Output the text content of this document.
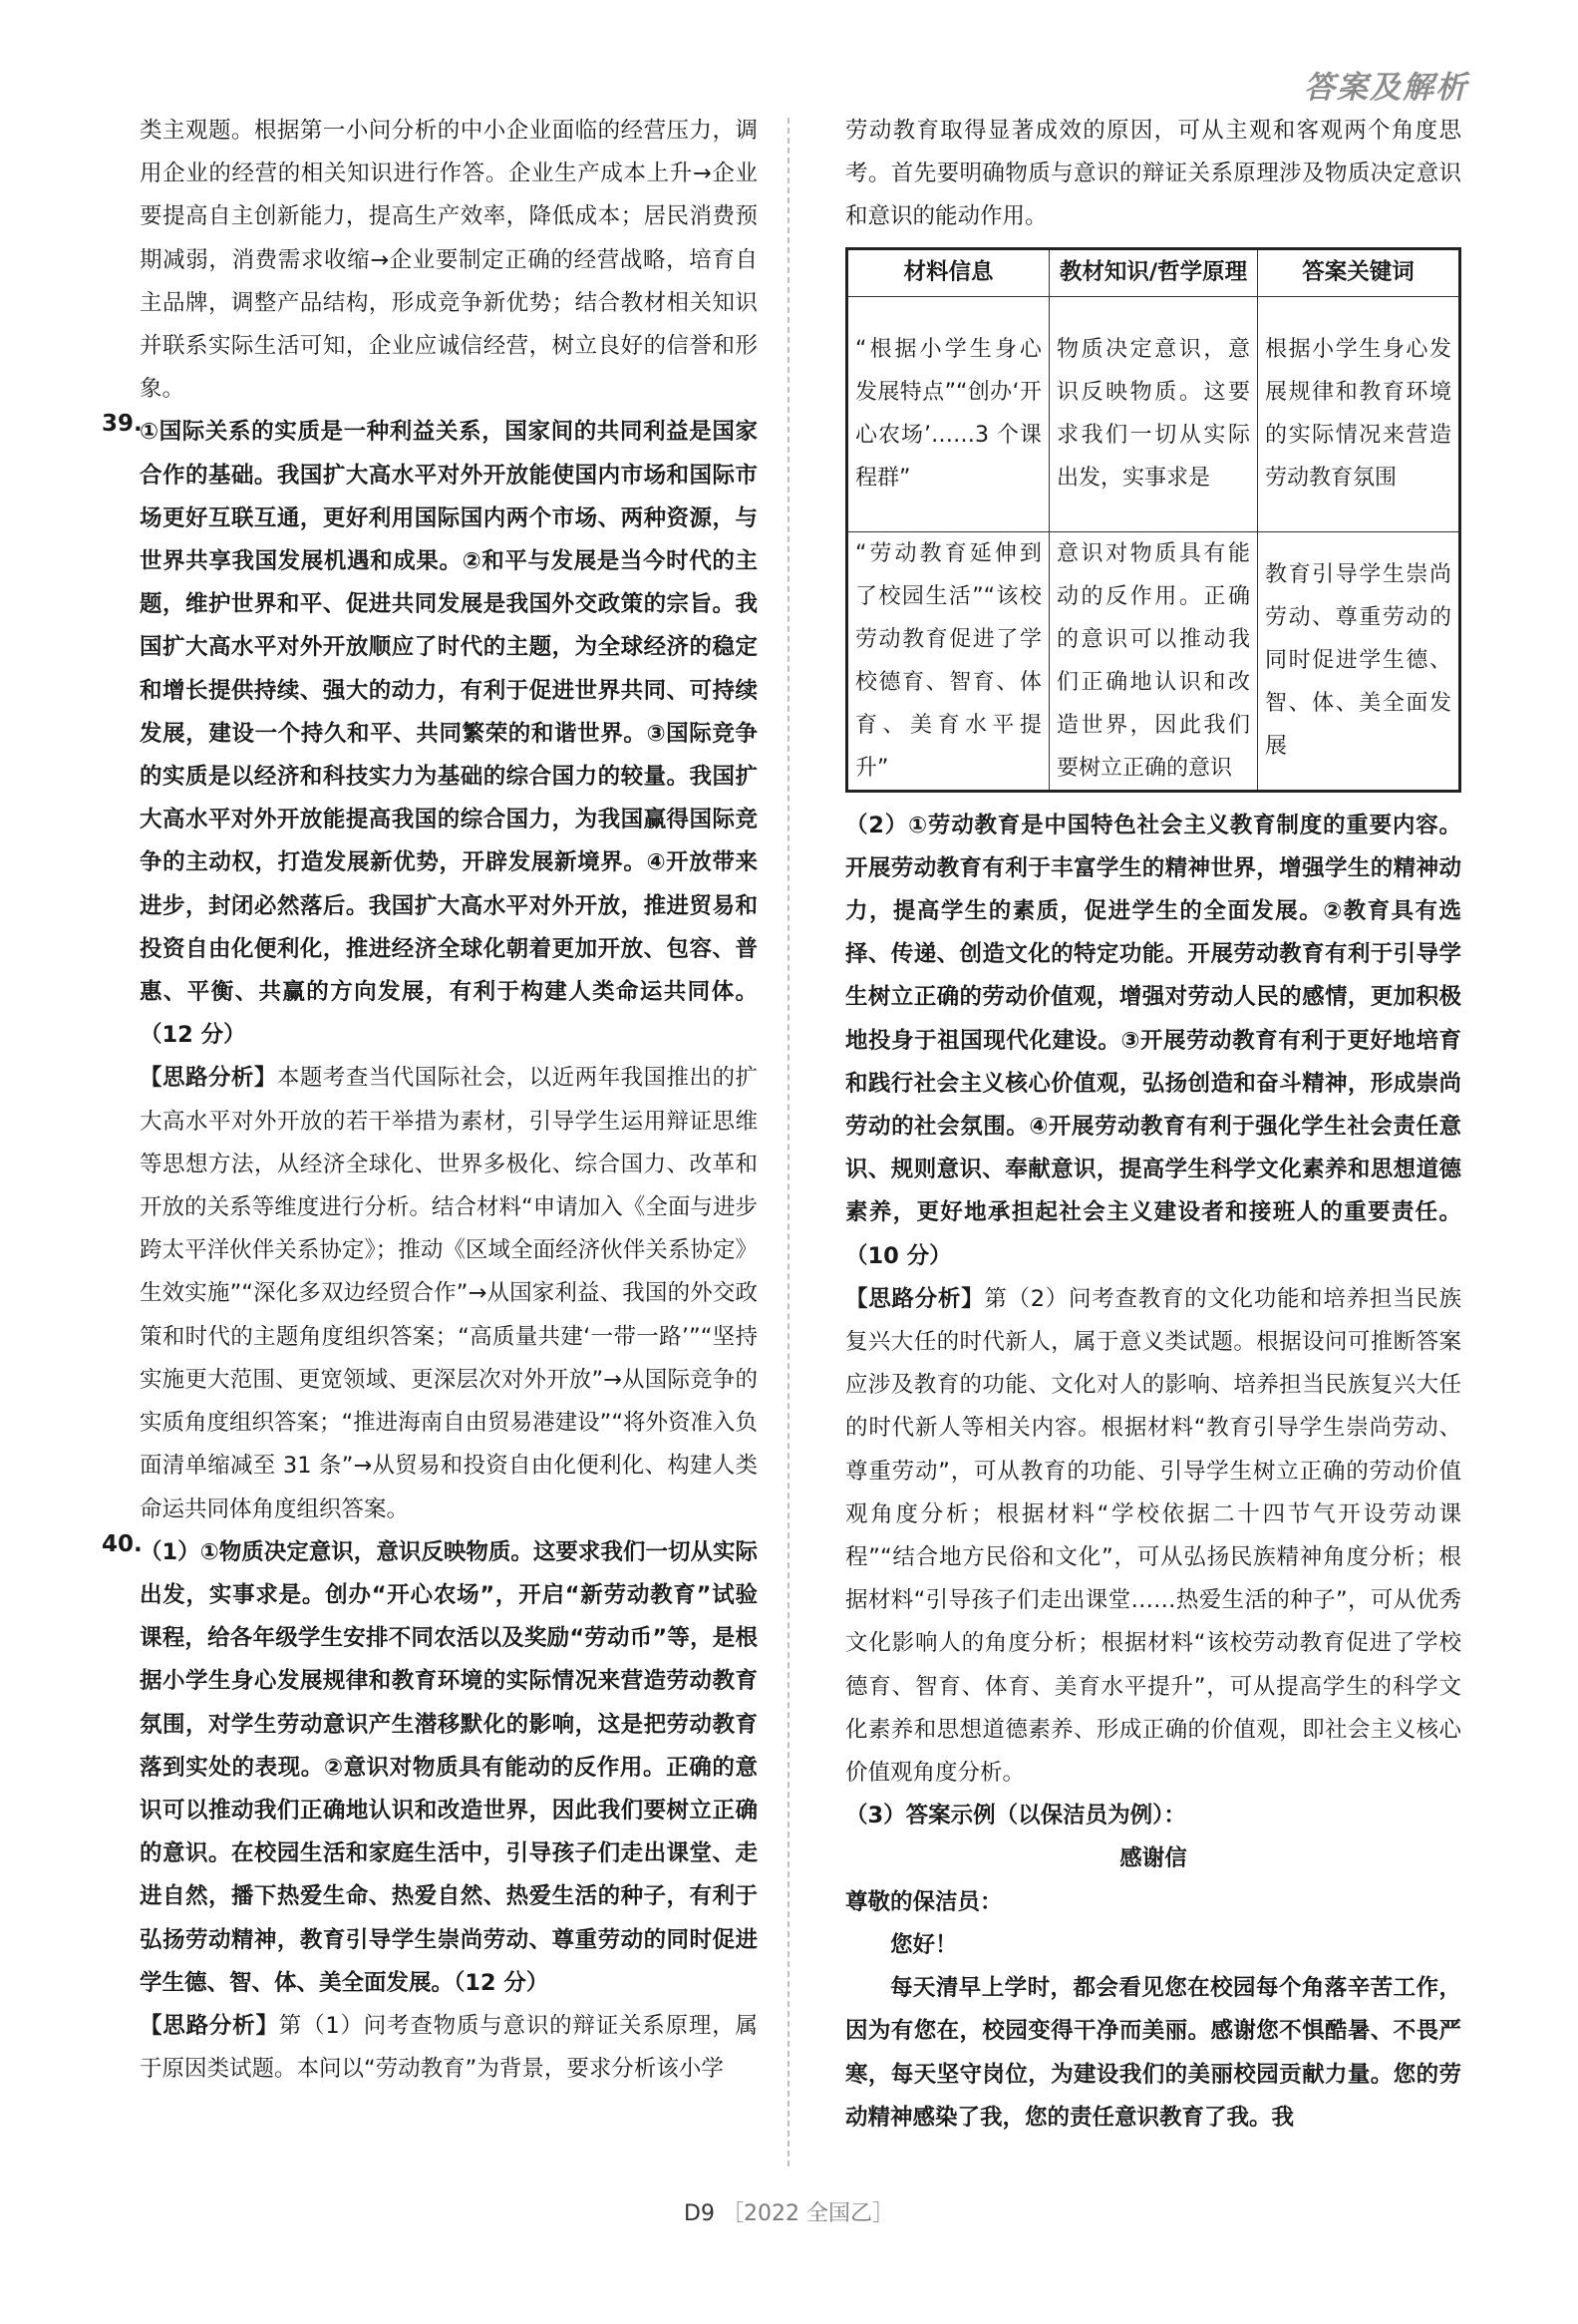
答案及解析

类主观题。根据第一小问分析的中小企业面临的经营压力，调用企业的经营的相关知识进行作答。企业生产成本上升→企业要提高自主创新能力，提高生产效率，降低成本；居民消费预期减弱，消费需求收缩→企业要制定正确的经营战略，培育自主品牌，调整产品结构，形成竞争新优势；结合教材相关知识并联系实际生活可知，企业应诚信经营，树立良好的信誉和形象。

39.

①国际关系的实质是一种利益关系，国家间的共同利益是国家合作的基础。我国扩大高水平对外开放能使国内市场和国际市场更好互联互通，更好利用国际国内两个市场、两种资源，与世界共享我国发展机遇和成果。②和平与发展是当今时代的主题，维护世界和平、促进共同发展是我国外交政策的宗旨。我国扩大高水平对外开放顺应了时代的主题，为全球经济的稳定和增长提供持续、强大的动力，有利于促进世界共同、可持续发展，建设一个持久和平、共同繁荣的和谐世界。③国际竞争的实质是以经济和科技实力为基础的综合国力的较量。我国扩大高水平对外开放能提高我国的综合国力，为我国赢得国际竞争的主动权，打造发展新优势，开辟发展新境界。④开放带来进步，封闭必然落后。我国扩大高水平对外开放，推进贸易和投资自由化便利化，推进经济全球化朝着更加开放、包容、普惠、平衡、共赢的方向发展，有利于构建人类命运共同体。（12 分）

【思路分析】本题考查当代国际社会，以近两年我国推出的扩大高水平对外开放的若干举措为素材，引导学生运用辩证思维等思想方法，从经济全球化、世界多极化、综合国力、改革和开放的关系等维度进行分析。结合材料“申请加入《全面与进步跨太平洋伙伴关系协定》；推动《区域全面经济伙伴关系协定》生效实施”“深化多双边经贸合作”→从国家利益、我国的外交政策和时代的主题角度组织答案；“高质量共建‘一带一路’”“坚持实施更大范围、更宽领域、更深层次对外开放”→从国际竞争的实质角度组织答案；“推进海南自由贸易港建设”“将外资准入负面清单缩减至 31 条”→从贸易和投资自由化便利化、构建人类命运共同体角度组织答案。

40.

（1）①物质决定意识，意识反映物质。这要求我们一切从实际出发，实事求是。创办“开心农场”，开启“新劳动教育”试验课程，给各年级学生安排不同农活以及奖励“劳动币”等，是根据小学生身心发展规律和教育环境的实际情况来营造劳动教育氛围，对学生劳动意识产生潜移默化的影响，这是把劳动教育落到实处的表现。②意识对物质具有能动的反作用。正确的意识可以推动我们正确地认识和改造世界，因此我们要树立正确的意识。在校园生活和家庭生活中，引导孩子们走出课堂、走进自然，播下热爱生命、热爱自然、热爱生活的种子，有利于弘扬劳动精神，教育引导学生崇尚劳动、尊重劳动的同时促进学生德、智、体、美全面发展。（12 分）

【思路分析】第（1）问考查物质与意识的辩证关系原理，属于原因类试题。本问以“劳动教育”为背景，要求分析该小学

劳动教育取得显著成效的原因，可从主观和客观两个角度思考。首先要明确物质与意识的辩证关系原理涉及物质决定意识和意识的能动作用。

材料信息	教材知识/哲学原理	答案关键词
“根据小学生身心发展特点”“创办‘开心农场’……3 个课程群”	物质决定意识，意识反映物质。这要求我们一切从实际出发，实事求是	根据小学生身心发展规律和教育环境的实际情况来营造劳动教育氛围
“劳动教育延伸到了校园生活”“该校劳动教育促进了学校德育、智育、体育、美育水平提升”	意识对物质具有能动的反作用。正确的意识可以推动我们正确地认识和改造世界，因此我们要树立正确的意识	教育引导学生崇尚劳动、尊重劳动的同时促进学生德、智、体、美全面发展

（2）①劳动教育是中国特色社会主义教育制度的重要内容。开展劳动教育有利于丰富学生的精神世界，增强学生的精神动力，提高学生的素质，促进学生的全面发展。②教育具有选择、传递、创造文化的特定功能。开展劳动教育有利于引导学生树立正确的劳动价值观，增强对劳动人民的感情，更加积极地投身于祖国现代化建设。③开展劳动教育有利于更好地培育和践行社会主义核心价值观，弘扬创造和奋斗精神，形成崇尚劳动的社会氛围。④开展劳动教育有利于强化学生社会责任意识、规则意识、奉献意识，提高学生科学文化素养和思想道德素养，更好地承担起社会主义建设者和接班人的重要责任。（10 分）

【思路分析】第（2）问考查教育的文化功能和培养担当民族复兴大任的时代新人，属于意义类试题。根据设问可推断答案应涉及教育的功能、文化对人的影响、培养担当民族复兴大任的时代新人等相关内容。根据材料“教育引导学生崇尚劳动、尊重劳动”，可从教育的功能、引导学生树立正确的劳动价值观角度分析；根据材料“学校依据二十四节气开设劳动课程”“结合地方民俗和文化”，可从弘扬民族精神角度分析；根据材料“引导孩子们走出课堂……热爱生活的种子”，可从优秀文化影响人的角度分析；根据材料“该校劳动教育促进了学校德育、智育、体育、美育水平提升”，可从提高学生的科学文化素养和思想道德素养、形成正确的价值观，即社会主义核心价值观角度分析。

（3）答案示例（以保洁员为例）：

感谢信

尊敬的保洁员：

您好！

每天清早上学时，都会看见您在校园每个角落辛苦工作，因为有您在，校园变得干净而美丽。感谢您不惧酷暑、不畏严寒，每天坚守岗位，为建设我们的美丽校园贡献力量。您的劳动精神感染了我，您的责任意识教育了我。我

D9 ［2022 全国乙］
